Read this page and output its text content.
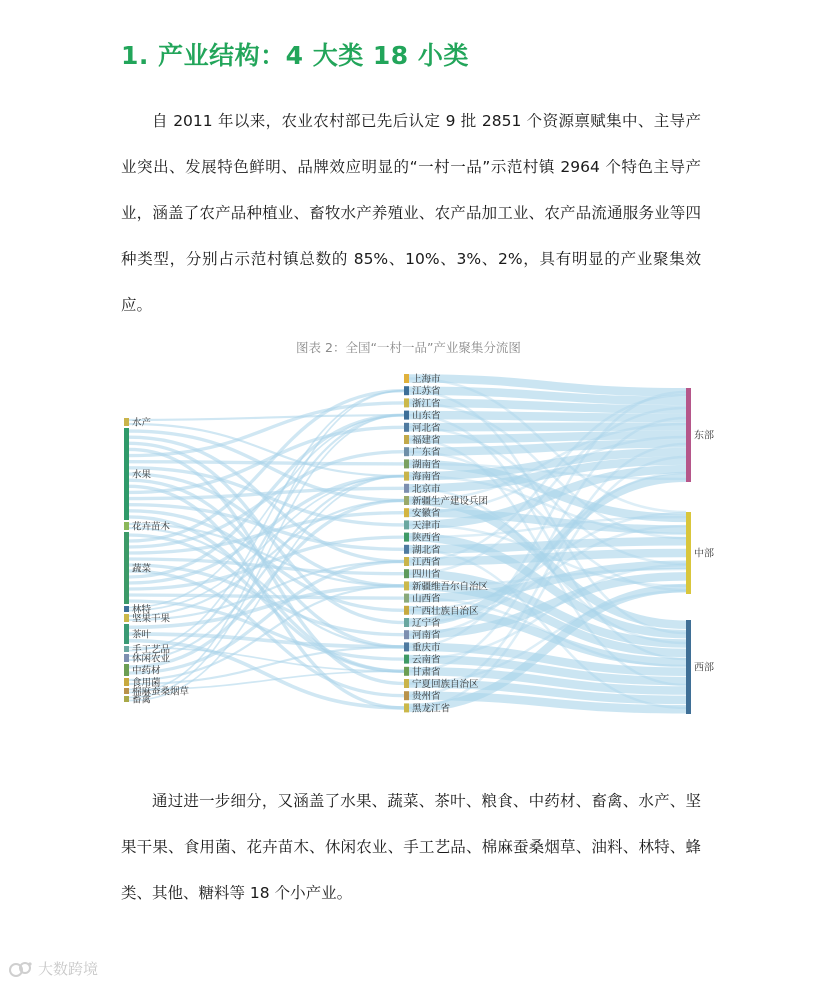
1. 产业结构：4 大类 18 小类

自 2011 年以来，农业农村部已先后认定 9 批 2851 个资源禀赋集中、主导产业突出、发展特色鲜明、品牌效应明显的“一村一品”示范村镇 2964 个特色主导产业，涵盖了农产品种植业、畜牧水产养殖业、农产品加工业、农产品流通服务业等四种类型，分别占示范村镇总数的 85%、10%、3%、2%，具有明显的产业聚集效应。

图表 2：全国“一村一品”产业聚集分流图
水产
水果
花卉苗木
蔬菜
林特
坚果干果
茶叶
手工艺品
休闲农业
中药材
食用菌
棉麻蚕桑烟草
畜禽
上海市
江苏省
浙江省
山东省
河北省
福建省
广东省
湖南省
海南省
北京市
新疆生产建设兵团
安徽省
天津市
陕西省
湖北省
江西省
四川省
新疆维吾尔自治区
山西省
广西壮族自治区
辽宁省
河南省
重庆市
云南省
甘肃省
宁夏回族自治区
贵州省
黑龙江省
东部
中部
西部

通过进一步细分，又涵盖了水果、蔬菜、茶叶、粮食、中药材、畜禽、水产、坚果干果、食用菌、花卉苗木、休闲农业、手工艺品、棉麻蚕桑烟草、油料、林特、蜂类、其他、糖料等 18 个小产业。

大数跨境
